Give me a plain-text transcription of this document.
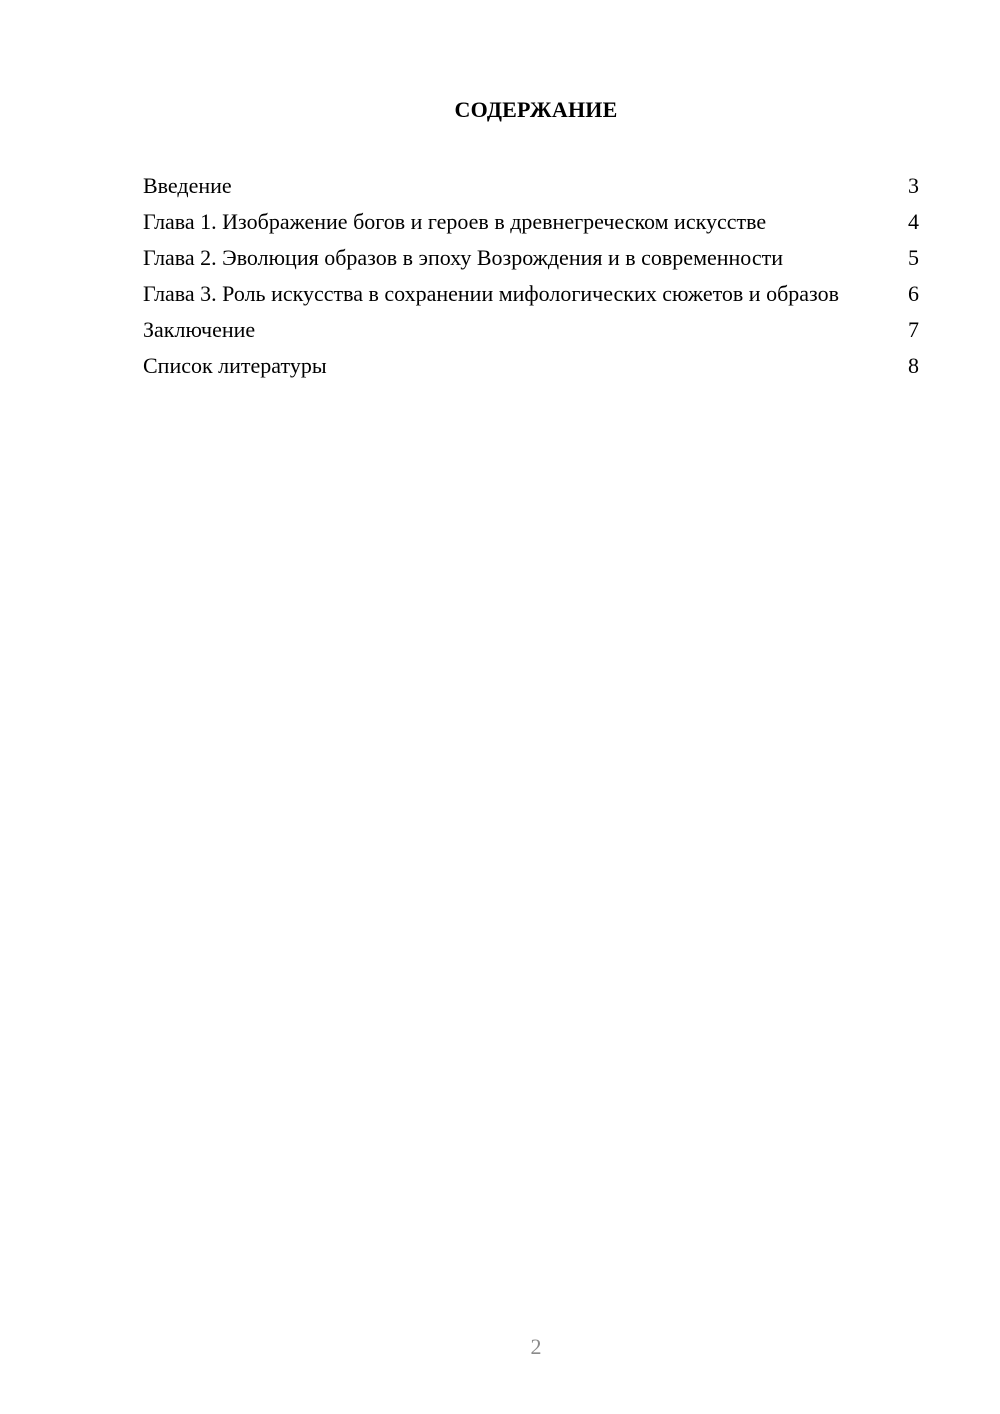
СОДЕРЖАНИЕ
Введение	3
Глава 1. Изображение богов и героев в древнегреческом искусстве	4
Глава 2. Эволюция образов в эпоху Возрождения и в современности	5
Глава 3. Роль искусства в сохранении мифологических сюжетов и образов	6
Заключение	7
Список литературы	8
2
